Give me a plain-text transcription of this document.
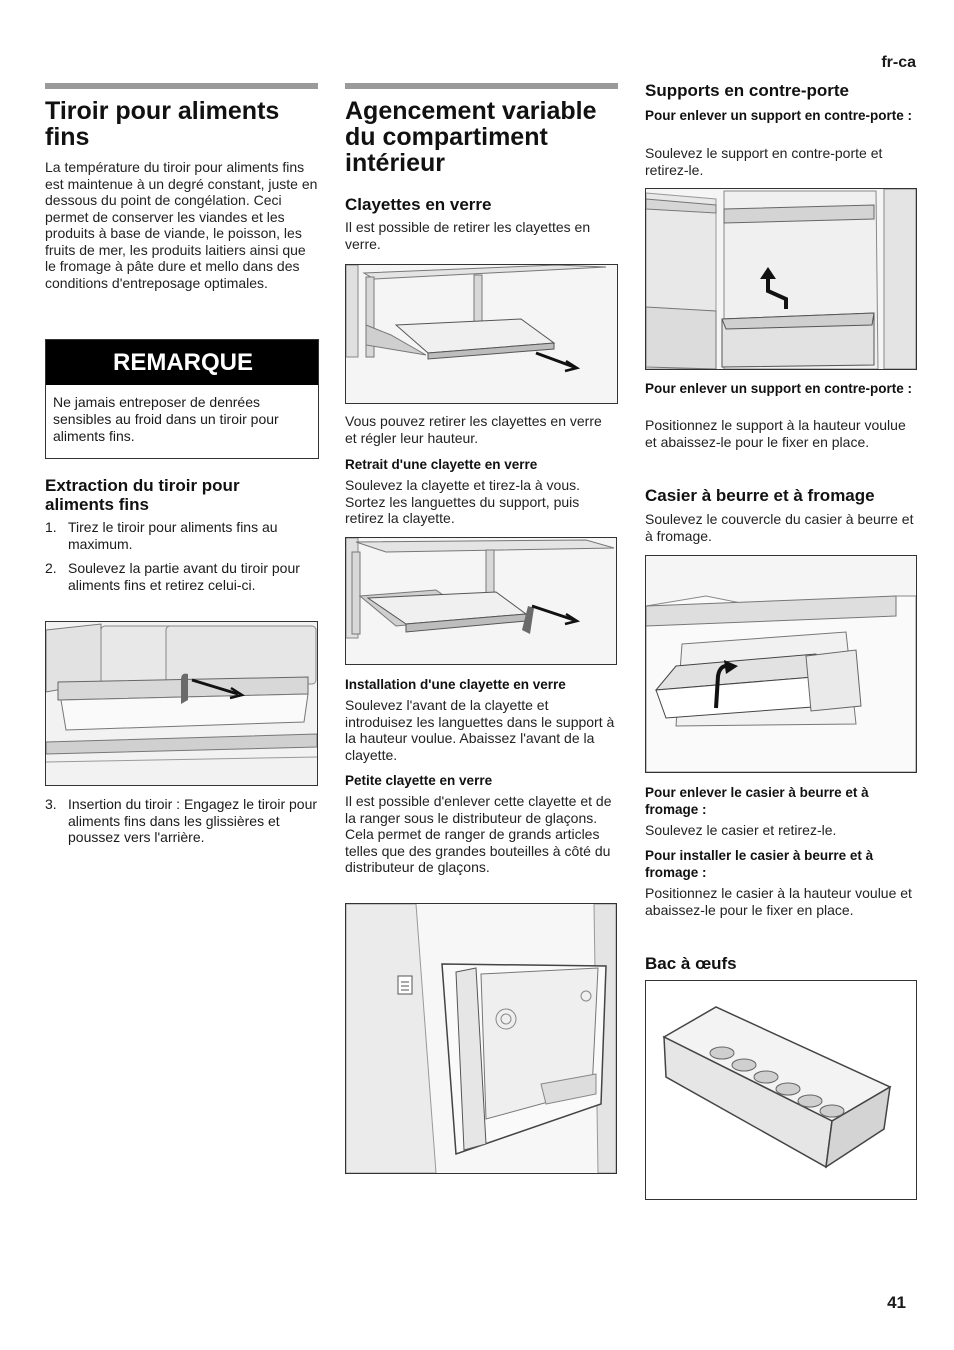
fr-ca
41
Tiroir pour aliments fins

La température du tiroir pour aliments fins est maintenue à un degré constant, juste en dessous du point de congélation. Ceci permet de conserver les viandes et les produits à base de viande, le poisson, les fruits de mer, les produits laitiers ainsi que le fromage à pâte dure et mello dans des conditions d'entreposage optimales.

REMARQUE
Ne jamais entreposer de denrées sensibles au froid dans un tiroir pour aliments fins.
Extraction du tiroir pour aliments fins
1. Tirez le tiroir pour aliments fins au maximum.
2. Soulevez la partie avant du tiroir pour aliments fins et retirez celui-ci.
3. Insertion du tiroir : Engagez le tiroir pour aliments fins dans les glissières et poussez vers l'arrière.
Agencement variable du compartiment intérieur
Clayettes en verre

Il est possible de retirer les clayettes en verre.

Vous pouvez retirer les clayettes en verre et régler leur hauteur.

Retrait d'une clayette en verre

Soulevez la clayette et tirez-la à vous. Sortez les languettes du support, puis retirez la clayette.

Installation d'une clayette en verre

Soulevez l'avant de la clayette et introduisez les languettes dans le support à la hauteur voulue. Abaissez l'avant de la clayette.

Petite clayette en verre

Il est possible d'enlever cette clayette et de la ranger sous le distributeur de glaçons. Cela permet de ranger de grands articles telles que des grandes bouteilles à côté du distributeur de glaçons.

Supports en contre-porte
Pour enlever un support en contre-porte :

Soulevez le support en contre-porte et retirez-le.

Pour enlever un support en contre-porte :

Positionnez le support à la hauteur voulue et abaissez-le pour le fixer en place.

Casier à beurre et à fromage

Soulevez le couvercle du casier à beurre et à fromage.

Pour enlever le casier à beurre et à fromage :

Soulevez le casier et retirez-le.

Pour installer le casier à beurre et à fromage :

Positionnez le casier à la hauteur voulue et abaissez-le pour le fixer en place.

Bac à œufs
